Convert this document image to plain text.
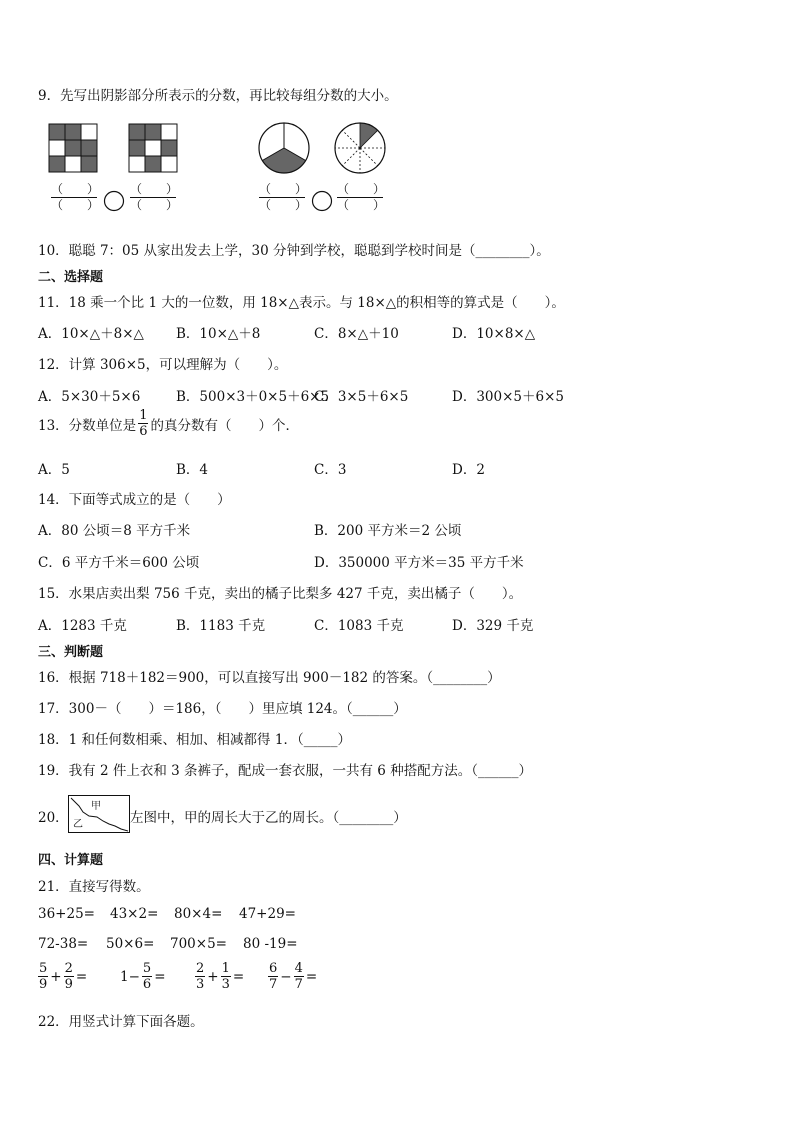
9．先写出阴影部分所表示的分数，再比较每组分数的大小。
（　　）
（　　）
（　　）
（　　）
（　　）
（　　）
（　　）
（　　）
10．聪聪 7：05 从家出发去上学，30 分钟到学校，聪聪到学校时间是（________）。
二、选择题
11．18 乘一个比 1 大的一位数，用 18×△表示。与 18×△的积相等的算式是（　　）。
A．10×△＋8×△ B．10×△＋8	C．8×△＋10	D．10×8×△
12．计算 306×5，可以理解为（　　）。
A．5×30＋5×6	B．500×3＋0×5＋6×5
C．3×5＋6×5	D．300×5＋6×5
13．分数单位是 $\frac{1}{6}$ 的真分数有（　　）个．
A．5	B．4	C．3	D．2
14．下面等式成立的是（　　）
A．80 公顷＝8 平方千米	B．200 平方米＝2 公顷
C．6 平方千米＝600 公顷	D．350000 平方米＝35 平方千米
15．水果店卖出梨 756 千克，卖出的橘子比梨多 427 千克，卖出橘子（　　）。
A．1283 千克	B．1183 千克	C．1083 千克	D．329 千克
三、判断题
16．根据 718＋182＝900，可以直接写出 900－182 的答案。（________）
17．300－（　　）＝186，（　　）里应填 124。（______）
18．1 和任何数相乘、相加、相减都得 1．（_____）
19．我有 2 件上衣和 3 条裤子，配成一套衣服，一共有 6 种搭配方法。（______）
20．
甲
乙	左图中，甲的周长大于乙的周长。（________）
四、计算题
21．直接写得数。
36+25= 43×2= 80×4= 47+29=
72-38= 50×6= 700×5= 80 -19=
$\frac{5}{9} + \frac{2}{9} = 1- \frac{5}{6} = \frac{2}{3} + \frac{1}{3} = \frac{6}{7} - \frac{4}{7}$ =
22．用竖式计算下面各题。
